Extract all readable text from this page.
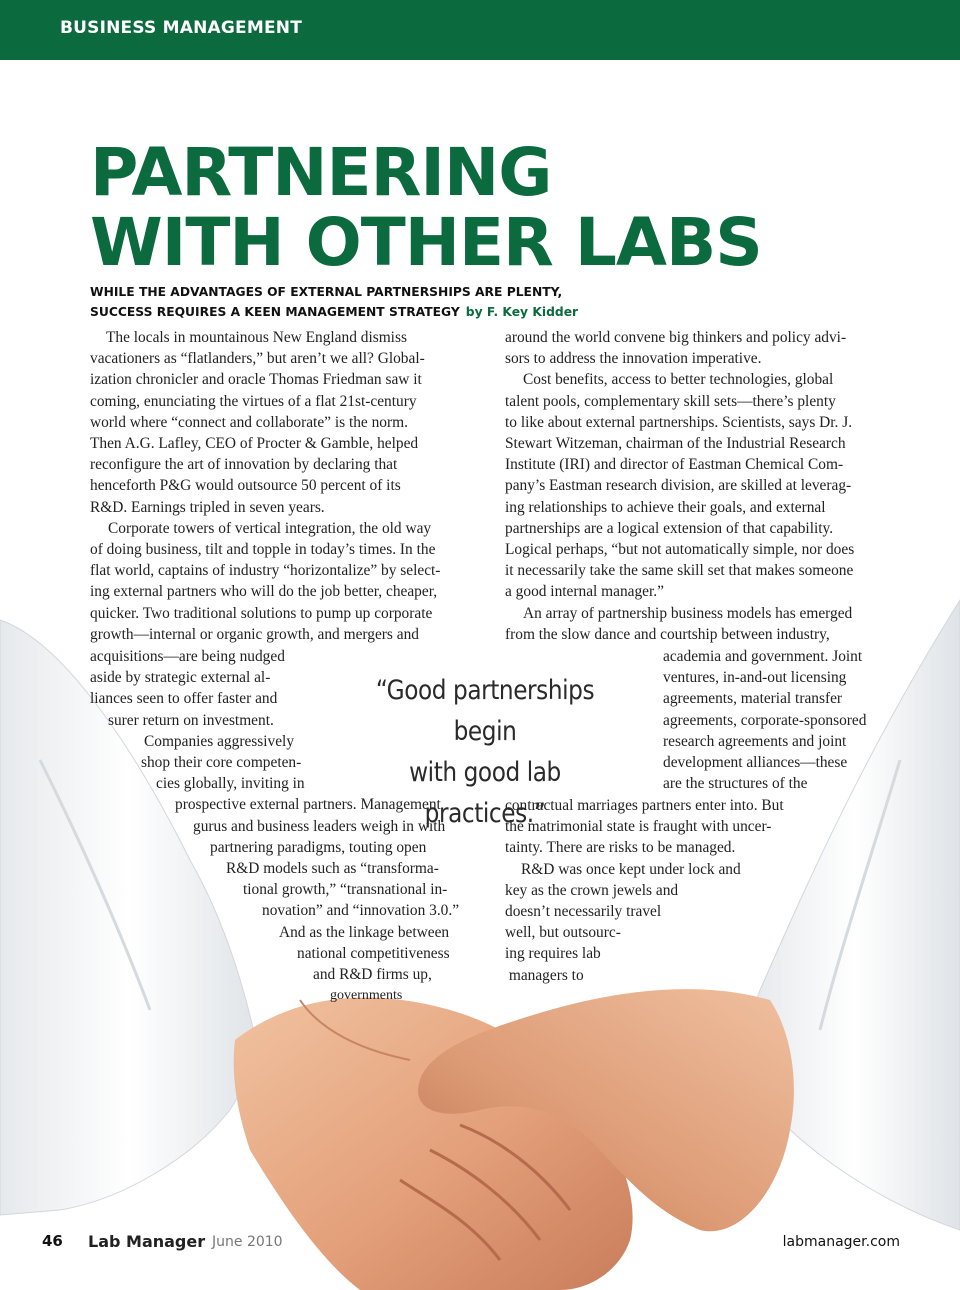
BUSINESS MANAGEMENT
PARTNERING
WITH OTHER LABS
WHILE THE ADVANTAGES OF EXTERNAL PARTNERSHIPS ARE PLENTY,
SUCCESS REQUIRES A KEEN MANAGEMENT STRATEGY by F. Key Kidder
The locals in mountainous New England dismiss
vacationers as “flatlanders,” but aren’t we all? Global-
ization chronicler and oracle Thomas Friedman saw it
coming, enunciating the virtues of a flat 21st-century
world where “connect and collaborate” is the norm.
Then A.G. Lafley, CEO of Procter & Gamble, helped
reconfigure the art of innovation by declaring that
henceforth P&G would outsource 50 percent of its
R&D. Earnings tripled in seven years.
Corporate towers of vertical integration, the old way
of doing business, tilt and topple in today’s times. In the
flat world, captains of industry “horizontalize” by select-
ing external partners who will do the job better, cheaper,
quicker. Two traditional solutions to pump up corporate
growth—internal or organic growth, and mergers and
acquisitions—are being nudged
aside by strategic external al-
liances seen to offer faster and
surer return on investment.
Companies aggressively
shop their core competen-
cies globally, inviting in
prospective external partners. Management
gurus and business leaders weigh in with
partnering paradigms, touting open
R&D models such as “transforma-
tional growth,” “transnational in-
novation” and “innovation 3.0.”
And as the linkage between
national competitiveness
and R&D firms up,
governments
around the world convene big thinkers and policy advi-
sors to address the innovation imperative.
Cost benefits, access to better technologies, global
talent pools, complementary skill sets—there’s plenty
to like about external partnerships. Scientists, says Dr. J.
Stewart Witzeman, chairman of the Industrial Research
Institute (IRI) and director of Eastman Chemical Com-
pany’s Eastman research division, are skilled at leverag-
ing relationships to achieve their goals, and external
partnerships are a logical extension of that capability.
Logical perhaps, “but not automatically simple, nor does
it necessarily take the same skill set that makes someone
a good internal manager.”
An array of partnership business models has emerged
from the slow dance and courtship between industry,
academia and government. Joint
ventures, in-and-out licensing
agreements, material transfer
agreements, corporate-sponsored
research agreements and joint
development alliances—these
are the structures of the
contractual marriages partners enter into. But
the matrimonial state is fraught with uncer-
tainty. There are risks to be managed.
R&D was once kept under lock and
key as the crown jewels and
doesn’t necessarily travel
well, but outsourc-
ing requires lab
managers to
“Good partnerships begin
with good lab practices.”
46 Lab Manager June 2010	labmanager.com
